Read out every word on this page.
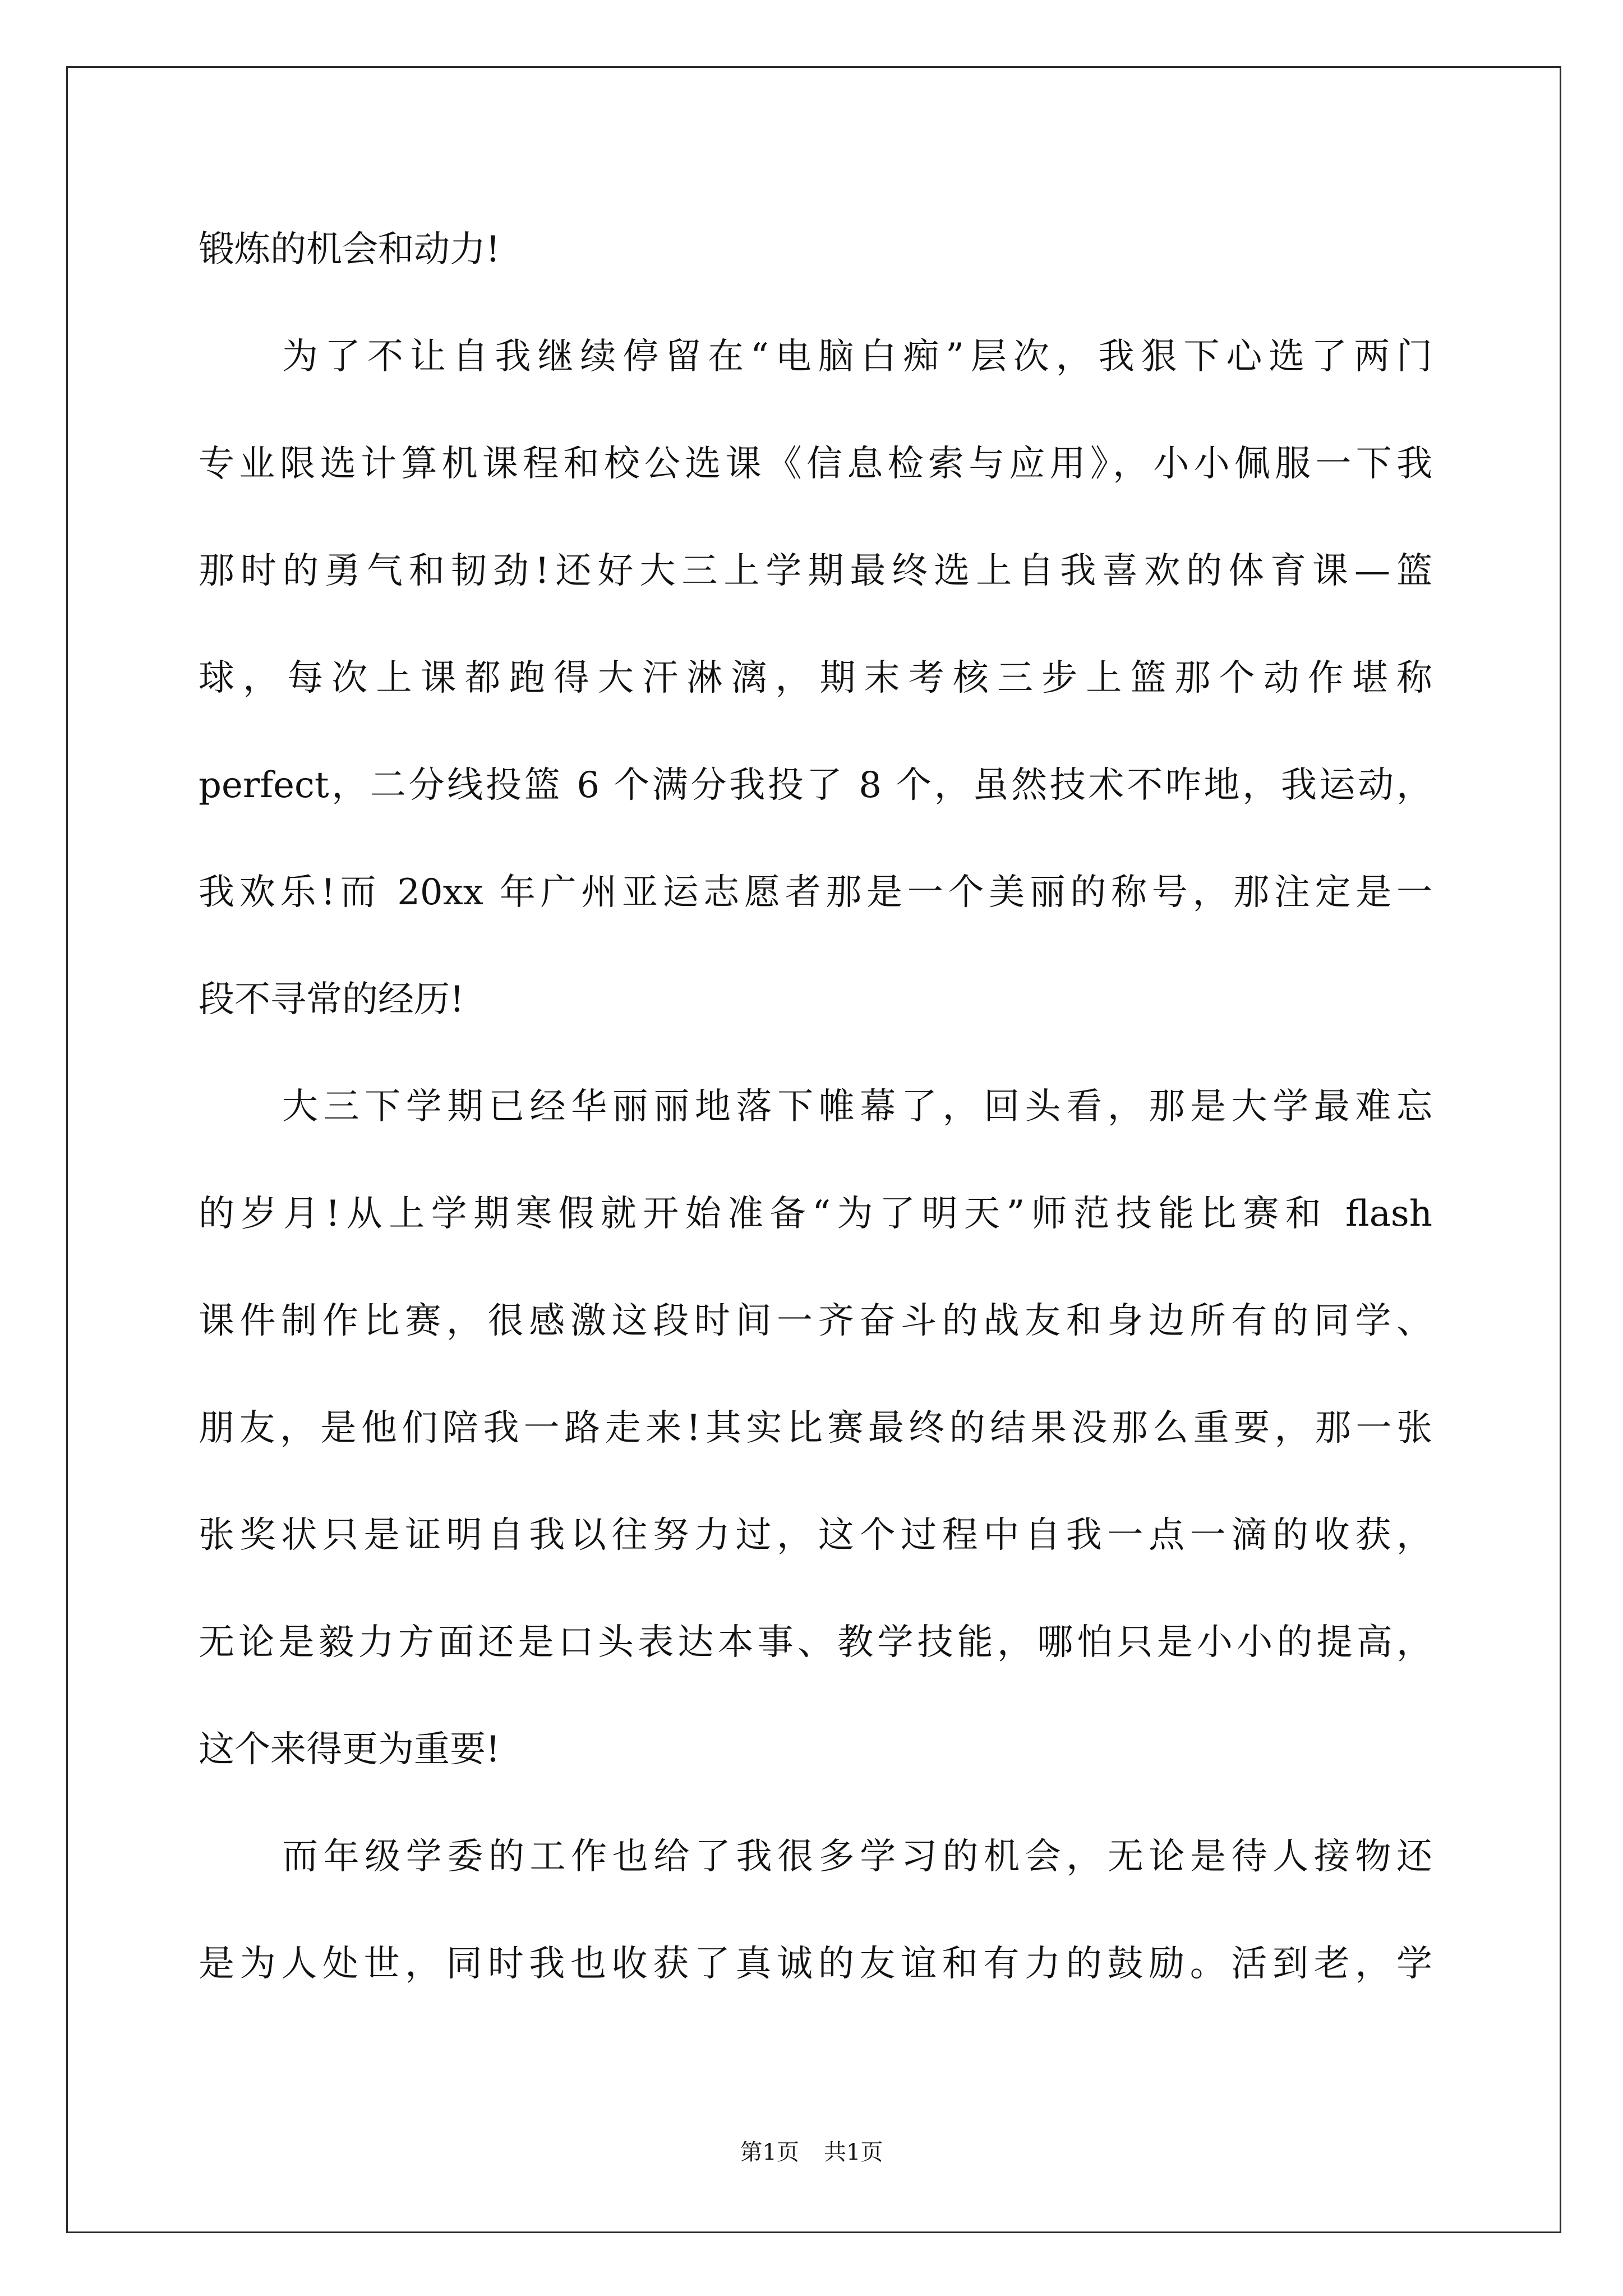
锻炼的机会和动力!
为了不让自我继续停留在“电脑白痴”层次，我狠下心选了两门
专业限选计算机课程和校公选课《信息检索与应用》，小小佩服一下我
那时的勇气和韧劲!还好大三上学期最终选上自我喜欢的体育课—篮
球，每次上课都跑得大汗淋漓，期末考核三步上篮那个动作堪称
perfect，二分线投篮 6 个满分我投了 8 个，虽然技术不咋地，我运动，
我欢乐!而 20xx 年广州亚运志愿者那是一个美丽的称号，那注定是一
段不寻常的经历!
大三下学期已经华丽丽地落下帷幕了，回头看，那是大学最难忘
的岁月!从上学期寒假就开始准备“为了明天”师范技能比赛和 flash
课件制作比赛，很感激这段时间一齐奋斗的战友和身边所有的同学、
朋友，是他们陪我一路走来!其实比赛最终的结果没那么重要，那一张
张奖状只是证明自我以往努力过，这个过程中自我一点一滴的收获，
无论是毅力方面还是口头表达本事、教学技能，哪怕只是小小的提高，
这个来得更为重要!
而年级学委的工作也给了我很多学习的机会，无论是待人接物还
是为人处世，同时我也收获了真诚的友谊和有力的鼓励。活到老，学
第1页 共1页
